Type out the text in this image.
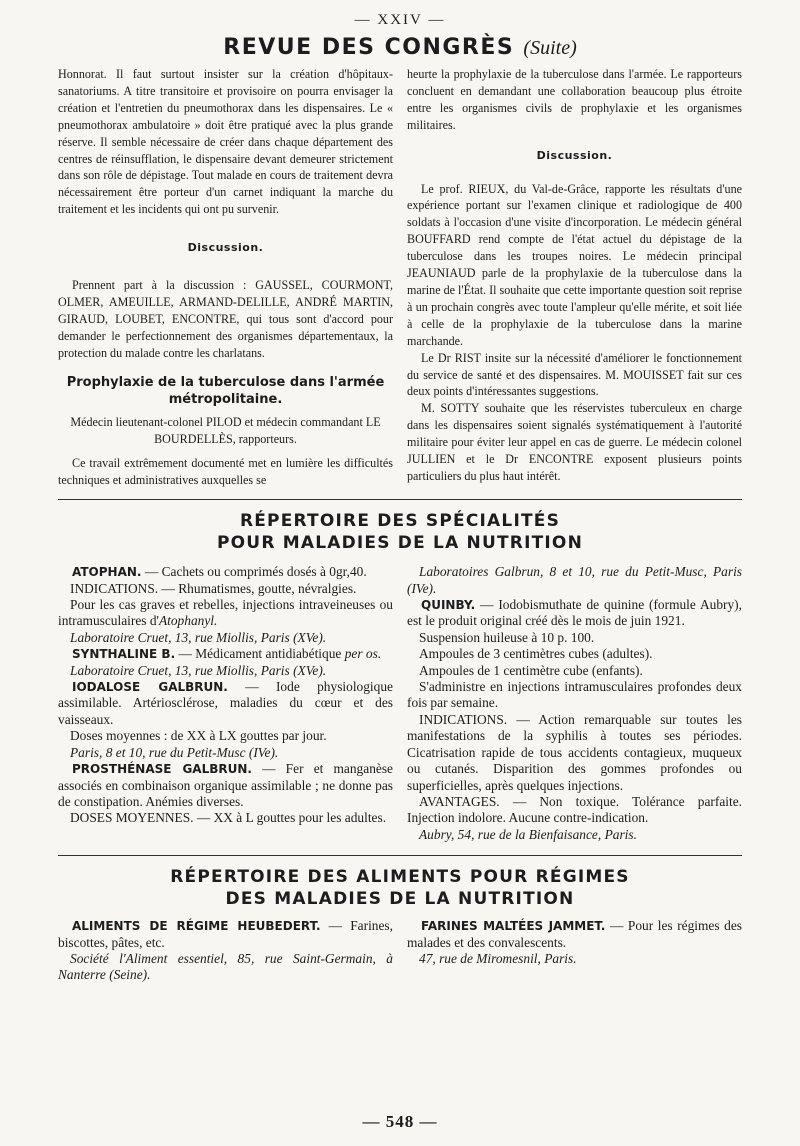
— XXIV —
REVUE DES CONGRÈS (Suite)

Honnorat. Il faut surtout insister sur la création d'hôpitaux-sanatoriums. A titre transitoire et provisoire on pourra envisager la création et l'entretien du pneumothorax dans les dispensaires. Le « pneumothorax ambulatoire » doit être pratiqué avec la plus grande réserve. Il semble nécessaire de créer dans chaque département des centres de réinsufflation, le dispensaire devant demeurer strictement dans son rôle de dépistage. Tout malade en cours de traitement devra nécessairement être porteur d'un carnet indiquant la marche du traitement et les incidents qui ont pu survenir.

Discussion.

Prennent part à la discussion : GAUSSEL, COURMONT, OLMER, AMEUILLE, ARMAND-DELILLE, ANDRÉ MARTIN, GIRAUD, LOUBET, ENCONTRE, qui tous sont d'accord pour demander le perfectionnement des organismes départementaux, la protection du malade contre les charlatans.

Prophylaxie de la tuberculose dans l'armée métropolitaine.

Médecin lieutenant-colonel PILOD et médecin commandant LE BOURDELLÈS, rapporteurs.

Ce travail extrêmement documenté met en lumière les difficultés techniques et administratives auxquelles se

heurte la prophylaxie de la tuberculose dans l'armée. Le rapporteurs concluent en demandant une collaboration beaucoup plus étroite entre les organismes civils de prophylaxie et les organismes militaires.

Discussion.

Le prof. RIEUX, du Val-de-Grâce, rapporte les résultats d'une expérience portant sur l'examen clinique et radiologique de 400 soldats à l'occasion d'une visite d'incorporation. Le médecin général BOUFFARD rend compte de l'état actuel du dépistage de la tuberculose dans les troupes noires. Le médecin principal JEAUNIAUD parle de la prophylaxie de la tuberculose dans la marine de l'État. Il souhaite que cette importante question soit reprise à un prochain congrès avec toute l'ampleur qu'elle mérite, et soit liée à celle de la prophylaxie de la tuberculose dans la marine marchande.

Le Dr RIST insite sur la nécessité d'améliorer le fonctionnement du service de santé et des dispensaires. M. MOUISSET fait sur ces deux points d'intéressantes suggestions.

M. SOTTY souhaite que les réservistes tuberculeux en charge dans les dispensaires soient signalés systématiquement à l'autorité militaire pour éviter leur appel en cas de guerre. Le médecin colonel JULLIEN et le Dr ENCONTRE exposent plusieurs points particuliers du plus haut intérêt.

RÉPERTOIRE DES SPÉCIALITÉS
POUR MALADIES DE LA NUTRITION

ATOPHAN. — Cachets ou comprimés dosés à 0gr,40.

INDICATIONS. — Rhumatismes, goutte, névralgies.

Pour les cas graves et rebelles, injections intraveineuses ou intramusculaires d'Atophanyl.

Laboratoire Cruet, 13, rue Miollis, Paris (XVe).

SYNTHALINE B. — Médicament antidiabétique per os.

Laboratoire Cruet, 13, rue Miollis, Paris (XVe).

IODALOSE GALBRUN. — Iode physiologique assimilable. Artériosclérose, maladies du cœur et des vaisseaux.

Doses moyennes : de XX à LX gouttes par jour.

Paris, 8 et 10, rue du Petit-Musc (IVe).

PROSTHÉNASE GALBRUN. — Fer et manganèse associés en combinaison organique assimilable ; ne donne pas de constipation. Anémies diverses.

DOSES MOYENNES. — XX à L gouttes pour les adultes.

Laboratoires Galbrun, 8 et 10, rue du Petit-Musc, Paris (IVe).

QUINBY. — Iodobismuthate de quinine (formule Aubry), est le produit original créé dès le mois de juin 1921.

Suspension huileuse à 10 p. 100.

Ampoules de 3 centimètres cubes (adultes).

Ampoules de 1 centimètre cube (enfants).

S'administre en injections intramusculaires profondes deux fois par semaine.

INDICATIONS. — Action remarquable sur toutes les manifestations de la syphilis à toutes ses périodes. Cicatrisation rapide de tous accidents contagieux, muqueux ou cutanés. Disparition des gommes profondes ou superficielles, après quelques injections.

AVANTAGES. — Non toxique. Tolérance parfaite. Injection indolore. Aucune contre-indication.

Aubry, 54, rue de la Bienfaisance, Paris.

RÉPERTOIRE DES ALIMENTS POUR RÉGIMES
DES MALADIES DE LA NUTRITION

ALIMENTS DE RÉGIME HEUBEDERT. — Farines, biscottes, pâtes, etc.

Société l'Aliment essentiel, 85, rue Saint-Germain, à Nanterre (Seine).

FARINES MALTÉES JAMMET. — Pour les régimes des malades et des convalescents.

47, rue de Miromesnil, Paris.

— 548 —
